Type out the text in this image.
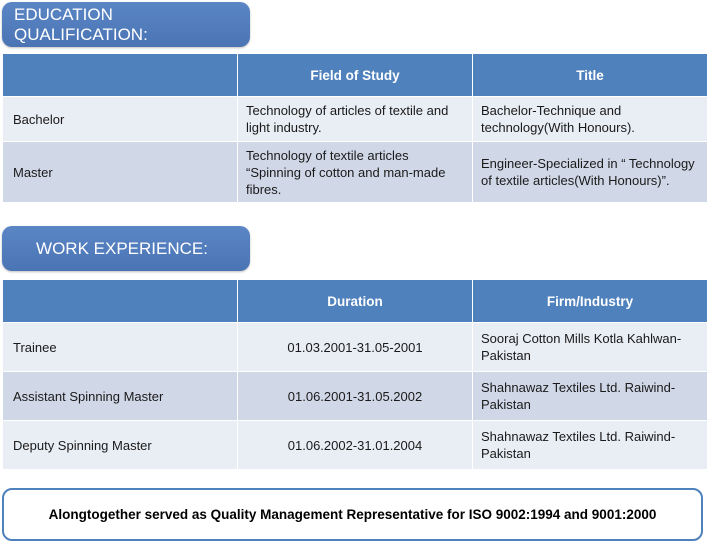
EDUCATION QUALIFICATION:
	Field of Study	Title
Bachelor	Technology of articles of textile and light industry.	Bachelor-Technique and technology(With Honours).
Master	Technology of textile articles “Spinning of cotton and man-made fibres.	Engineer-Specialized in “ Technology of textile articles(With Honours)”.
WORK EXPERIENCE:
	Duration	Firm/Industry
Trainee	01.03.2001-31.05-2001	Sooraj Cotton Mills Kotla Kahlwan-Pakistan
Assistant Spinning Master	01.06.2001-31.05.2002	Shahnawaz Textiles Ltd. Raiwind-Pakistan
Deputy Spinning Master	01.06.2002-31.01.2004	Shahnawaz Textiles Ltd. Raiwind-Pakistan
Alongtogether served as Quality Management Representative for ISO 9002:1994 and 9001:2000
